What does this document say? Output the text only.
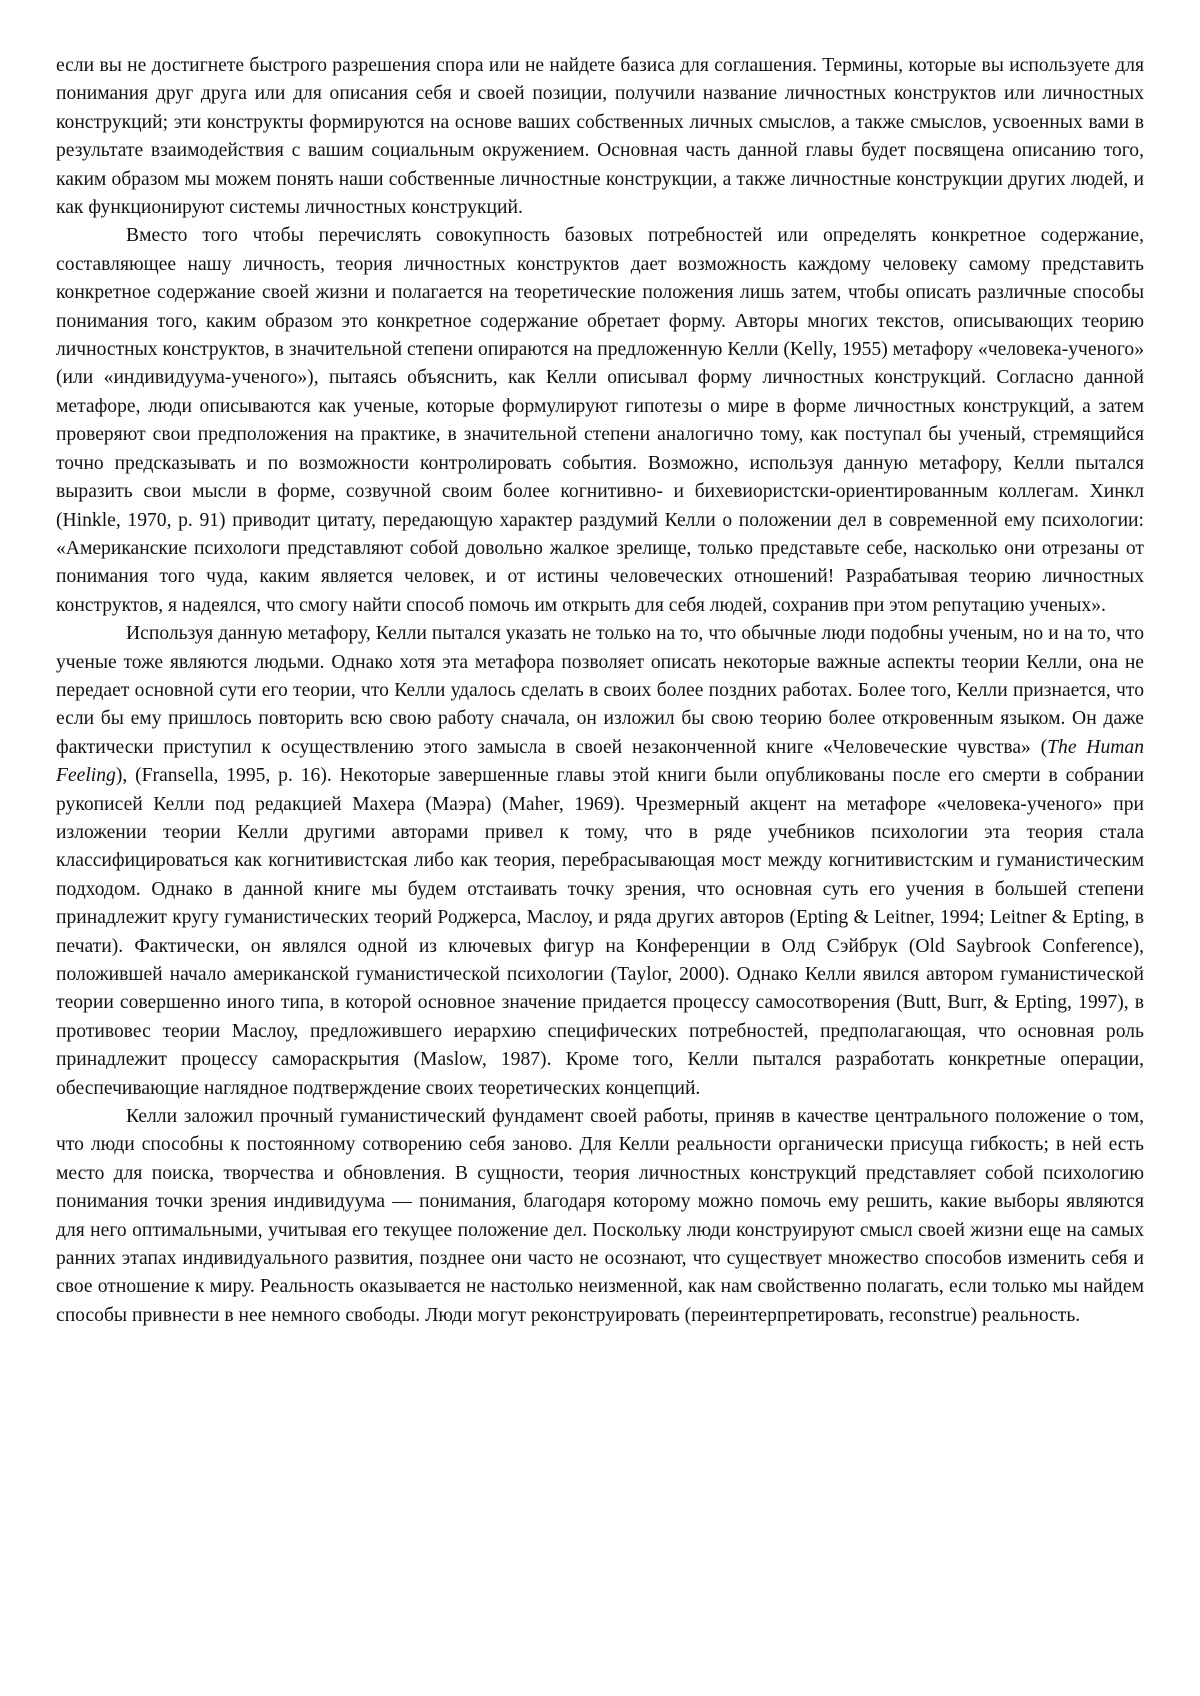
если вы не достигнете быстрого разрешения спора или не найдете базиса для соглашения. Термины, которые вы используете для понимания друг друга или для описания себя и своей позиции, получили название личностных конструктов или личностных конструкций; эти конструкты формируются на основе ваших собственных личных смыслов, а также смыслов, усвоенных вами в результате взаимодействия с вашим социальным окружением. Основная часть данной главы будет посвящена описанию того, каким образом мы можем понять наши собственные личностные конструкции, а также личностные конструкции других людей, и как функционируют системы личностных конструкций.

Вместо того чтобы перечислять совокупность базовых потребностей или определять конкретное содержание, составляющее нашу личность, теория личностных конструктов дает возможность каждому человеку самому представить конкретное содержание своей жизни и полагается на теоретические положения лишь затем, чтобы описать различные способы понимания того, каким образом это конкретное содержание обретает форму. Авторы многих текстов, описывающих теорию личностных конструктов, в значительной степени опираются на предложенную Келли (Kelly, 1955) метафору «человека-ученого» (или «индивидуума-ученого»), пытаясь объяснить, как Келли описывал форму личностных конструкций. Согласно данной метафоре, люди описываются как ученые, которые формулируют гипотезы о мире в форме личностных конструкций, а затем проверяют свои предположения на практике, в значительной степени аналогично тому, как поступал бы ученый, стремящийся точно предсказывать и по возможности контролировать события. Возможно, используя данную метафору, Келли пытался выразить свои мысли в форме, созвучной своим более когнитивно- и бихевиористски-ориентированным коллегам. Хинкл (Hinkle, 1970, p. 91) приводит цитату, передающую характер раздумий Келли о положении дел в современной ему психологии: «Американские психологи представляют собой довольно жалкое зрелище, только представьте себе, насколько они отрезаны от понимания того чуда, каким является человек, и от истины человеческих отношений! Разрабатывая теорию личностных конструктов, я надеялся, что смогу найти способ помочь им открыть для себя людей, сохранив при этом репутацию ученых».

Используя данную метафору, Келли пытался указать не только на то, что обычные люди подобны ученым, но и на то, что ученые тоже являются людьми. Однако хотя эта метафора позволяет описать некоторые важные аспекты теории Келли, она не передает основной сути его теории, что Келли удалось сделать в своих более поздних работах. Более того, Келли признается, что если бы ему пришлось повторить всю свою работу сначала, он изложил бы свою теорию более откровенным языком. Он даже фактически приступил к осуществлению этого замысла в своей незаконченной книге «Человеческие чувства» (The Human Feeling), (Fransella, 1995, p. 16). Некоторые завершенные главы этой книги были опубликованы после его смерти в собрании рукописей Келли под редакцией Махера (Маэра) (Maher, 1969). Чрезмерный акцент на метафоре «человека-ученого» при изложении теории Келли другими авторами привел к тому, что в ряде учебников психологии эта теория стала классифицироваться как когнитивистская либо как теория, перебрасывающая мост между когнитивистским и гуманистическим подходом. Однако в данной книге мы будем отстаивать точку зрения, что основная суть его учения в большей степени принадлежит кругу гуманистических теорий Роджерса, Маслоу, и ряда других авторов (Epting & Leitner, 1994; Leitner & Epting, в печати). Фактически, он являлся одной из ключевых фигур на Конференции в Олд Сэйбрук (Old Saybrook Conference), положившей начало американской гуманистической психологии (Taylor, 2000). Однако Келли явился автором гуманистической теории совершенно иного типа, в которой основное значение придается процессу самосотворения (Butt, Burr, & Epting, 1997), в противовес теории Маслоу, предложившего иерархию специфических потребностей, предполагающая, что основная роль принадлежит процессу самораскрытия (Maslow, 1987). Кроме того, Келли пытался разработать конкретные операции, обеспечивающие наглядное подтверждение своих теоретических концепций.

Келли заложил прочный гуманистический фундамент своей работы, приняв в качестве центрального положение о том, что люди способны к постоянному сотворению себя заново. Для Келли реальности органически присуща гибкость; в ней есть место для поиска, творчества и обновления. В сущности, теория личностных конструкций представляет собой психологию понимания точки зрения индивидуума — понимания, благодаря которому можно помочь ему решить, какие выборы являются для него оптимальными, учитывая его текущее положение дел. Поскольку люди конструируют смысл своей жизни еще на самых ранних этапах индивидуального развития, позднее они часто не осознают, что существует множество способов изменить себя и свое отношение к миру. Реальность оказывается не настолько неизменной, как нам свойственно полагать, если только мы найдем способы привнести в нее немного свободы. Люди могут реконструировать (переинтерпретировать, reconstrue) реальность.
